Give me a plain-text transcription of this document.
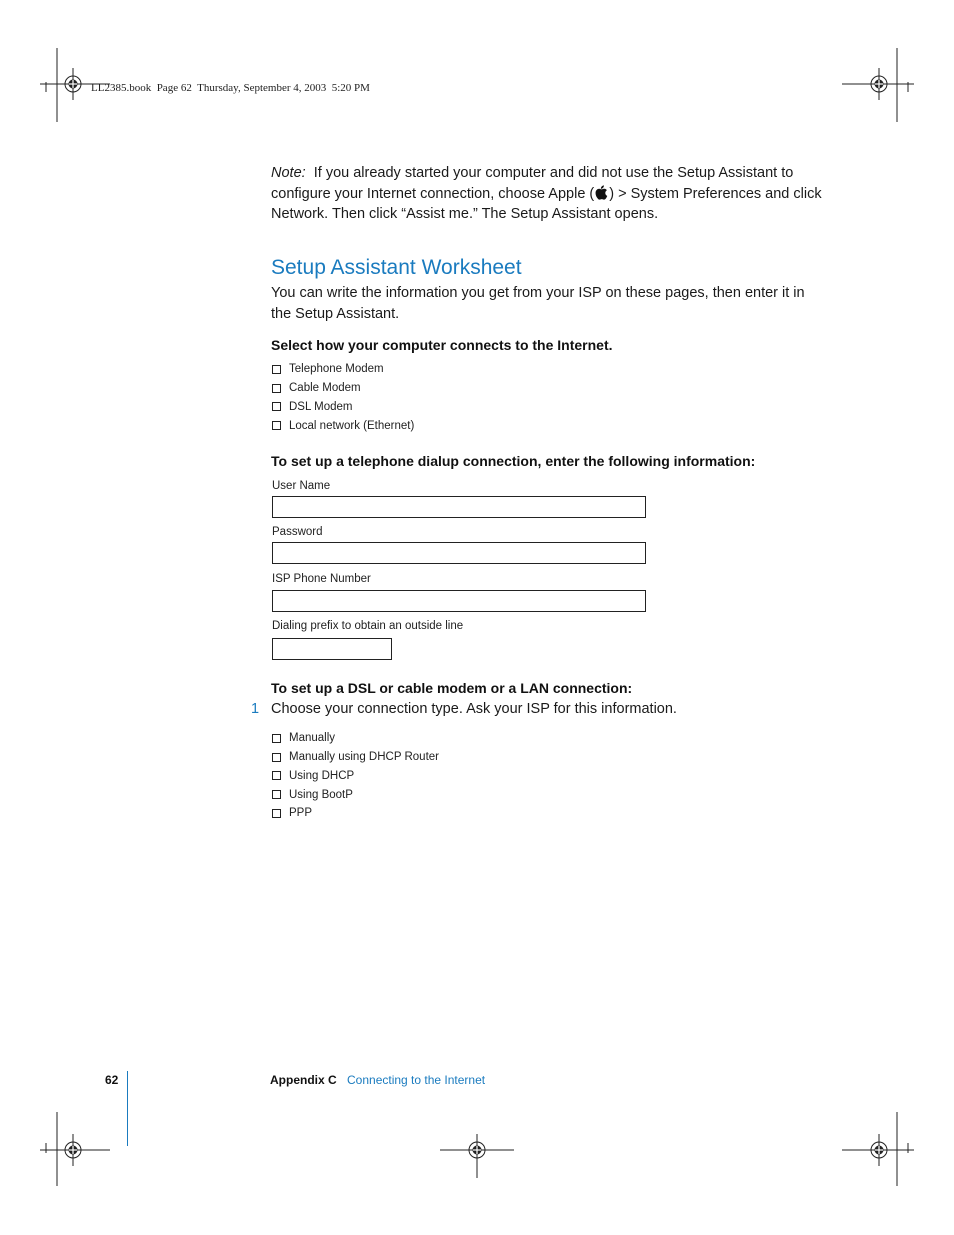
LL2385.book  Page 62  Thursday, September 4, 2003  5:20 PM
Note: If you already started your computer and did not use the Setup Assistant to configure your Internet connection, choose Apple ( ) > System Preferences and click Network. Then click “Assist me.” The Setup Assistant opens.
Setup Assistant Worksheet
You can write the information you get from your ISP on these pages, then enter it in the Setup Assistant.
Select how your computer connects to the Internet.
Telephone Modem
Cable Modem
DSL Modem
Local network (Ethernet)
To set up a telephone dialup connection, enter the following information:
User Name
Password
ISP Phone Number
Dialing prefix to obtain an outside line
To set up a DSL or cable modem or a LAN connection:
1 Choose your connection type. Ask your ISP for this information.
Manually
Manually using DHCP Router
Using DHCP
Using BootP
PPP
62	Appendix C Connecting to the Internet
